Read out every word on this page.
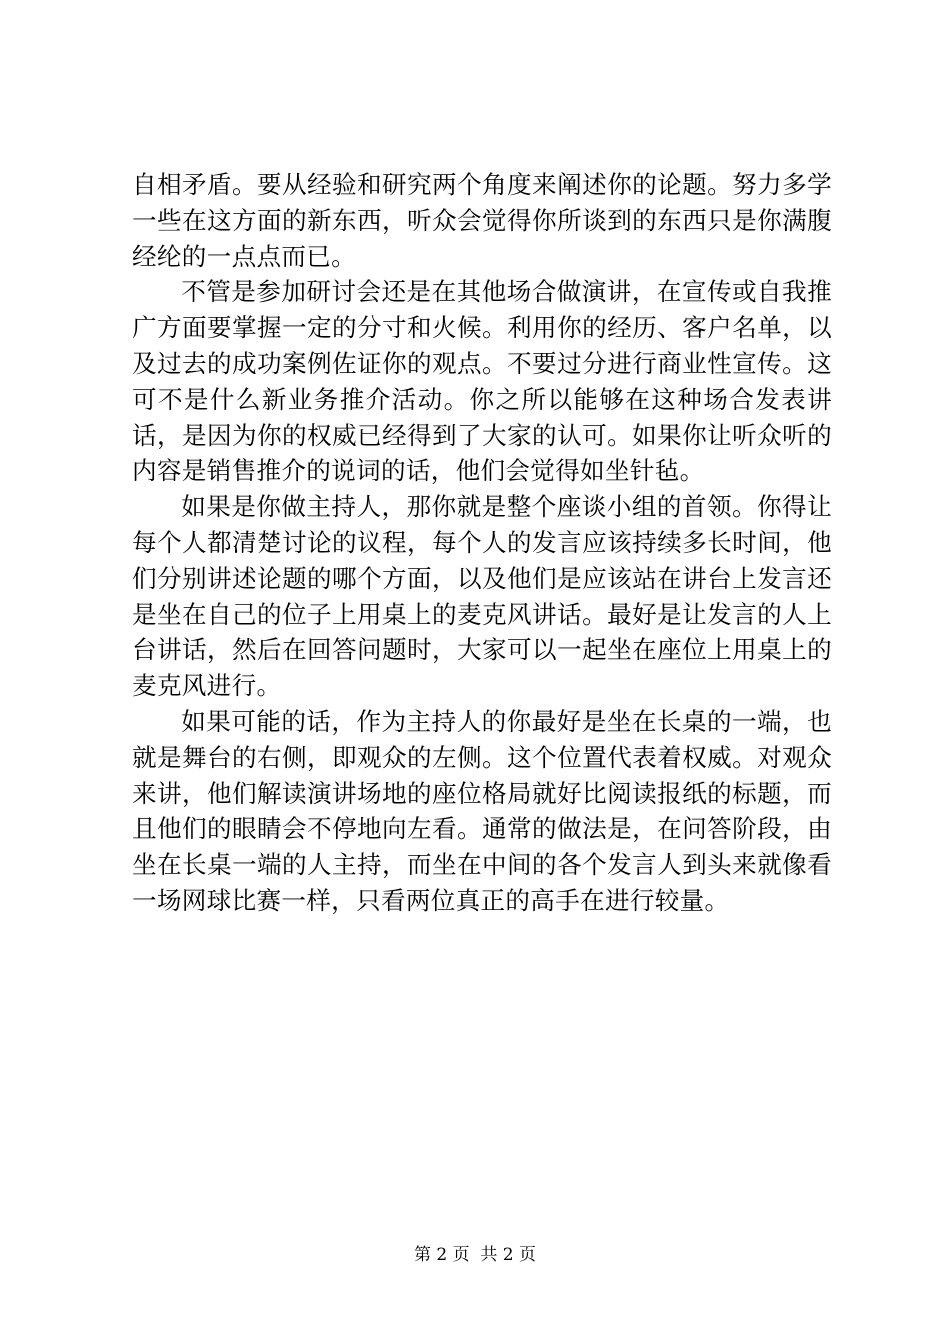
自相矛盾。要从经验和研究两个角度来阐述你的论题。努力多学一些在这方面的新东西，听众会觉得你所谈到的东西只是你满腹经纶的一点点而已。

不管是参加研讨会还是在其他场合做演讲，在宣传或自我推广方面要掌握一定的分寸和火候。利用你的经历、客户名单，以及过去的成功案例佐证你的观点。不要过分进行商业性宣传。这可不是什么新业务推介活动。你之所以能够在这种场合发表讲话，是因为你的权威已经得到了大家的认可。如果你让听众听的内容是销售推介的说词的话，他们会觉得如坐针毡。

如果是你做主持人，那你就是整个座谈小组的首领。你得让每个人都清楚讨论的议程，每个人的发言应该持续多长时间，他们分别讲述论题的哪个方面，以及他们是应该站在讲台上发言还是坐在自己的位子上用桌上的麦克风讲话。最好是让发言的人上台讲话，然后在回答问题时，大家可以一起坐在座位上用桌上的麦克风进行。

如果可能的话，作为主持人的你最好是坐在长桌的一端，也就是舞台的右侧，即观众的左侧。这个位置代表着权威。对观众来讲，他们解读演讲场地的座位格局就好比阅读报纸的标题，而且他们的眼睛会不停地向左看。通常的做法是，在问答阶段，由坐在长桌一端的人主持，而坐在中间的各个发言人到头来就像看一场网球比赛一样，只看两位真正的高手在进行较量。

第 2 页  共 2 页
